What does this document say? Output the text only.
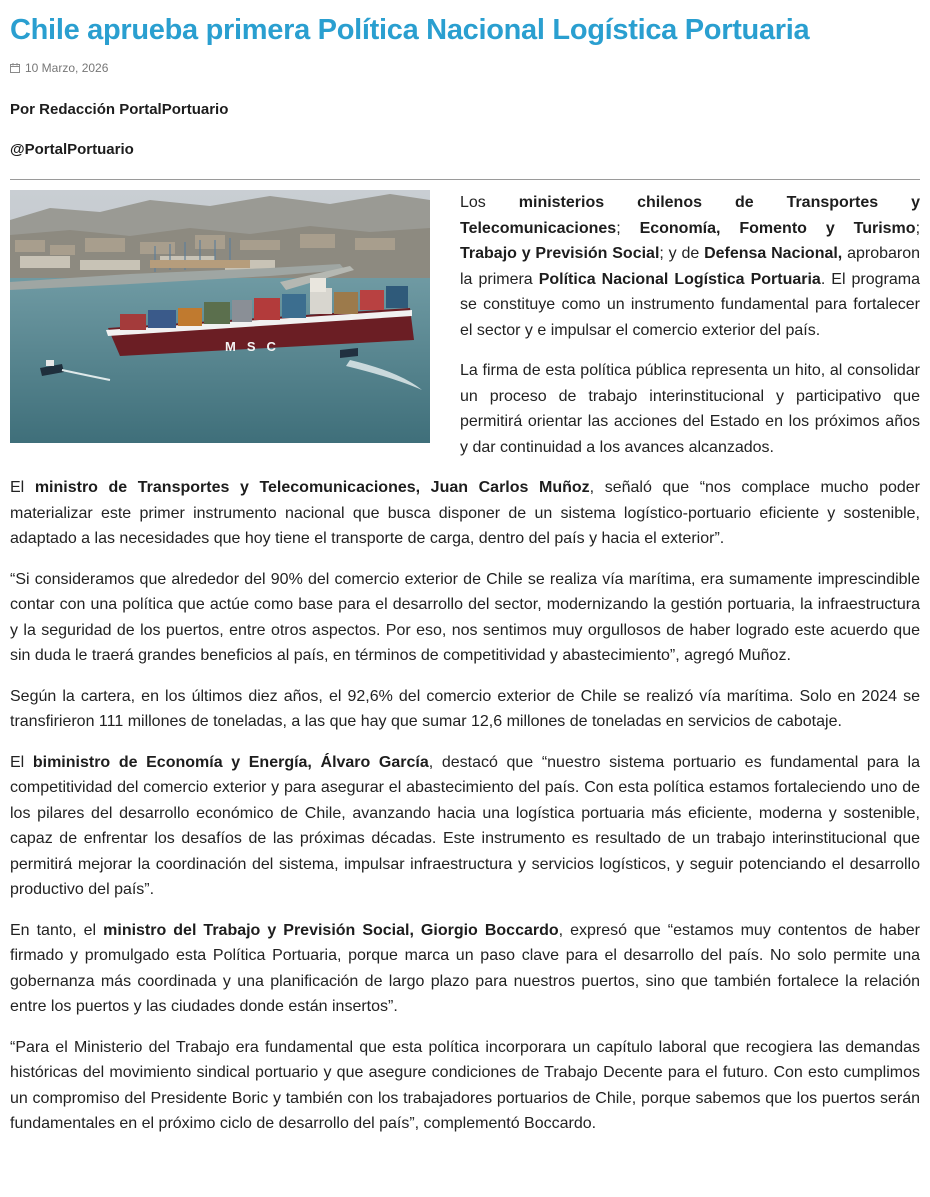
Chile aprueba primera Política Nacional Logística Portuaria
10 Marzo, 2026

Por Redacción PortalPortuario

@PortalPortuario

MSC

Los ministerios chilenos de Transportes y Telecomunicaciones; Economía, Fomento y Turismo; Trabajo y Previsión Social; y de Defensa Nacional, aprobaron la primera Política Nacional Logística Portuaria. El programa se constituye como un instrumento fundamental para fortalecer el sector y e impulsar el comercio exterior del país.

La firma de esta política pública representa un hito, al consolidar un proceso de trabajo interinstitucional y participativo que permitirá orientar las acciones del Estado en los próximos años y dar continuidad a los avances alcanzados.

El ministro de Transportes y Telecomunicaciones, Juan Carlos Muñoz, señaló que “nos complace mucho poder materializar este primer instrumento nacional que busca disponer de un sistema logístico-portuario eficiente y sostenible, adaptado a las necesidades que hoy tiene el transporte de carga, dentro del país y hacia el exterior”.

“Si consideramos que alrededor del 90% del comercio exterior de Chile se realiza vía marítima, era sumamente imprescindible contar con una política que actúe como base para el desarrollo del sector, modernizando la gestión portuaria, la infraestructura y la seguridad de los puertos, entre otros aspectos. Por eso, nos sentimos muy orgullosos de haber logrado este acuerdo que sin duda le traerá grandes beneficios al país, en términos de competitividad y abastecimiento”, agregó Muñoz.

Según la cartera, en los últimos diez años, el 92,6% del comercio exterior de Chile se realizó vía marítima. Solo en 2024 se transfirieron 111 millones de toneladas, a las que hay que sumar 12,6 millones de toneladas en servicios de cabotaje.

El biministro de Economía y Energía, Álvaro García, destacó que “nuestro sistema portuario es fundamental para la competitividad del comercio exterior y para asegurar el abastecimiento del país. Con esta política estamos fortaleciendo uno de los pilares del desarrollo económico de Chile, avanzando hacia una logística portuaria más eficiente, moderna y sostenible, capaz de enfrentar los desafíos de las próximas décadas. Este instrumento es resultado de un trabajo interinstitucional que permitirá mejorar la coordinación del sistema, impulsar infraestructura y servicios logísticos, y seguir potenciando el desarrollo productivo del país”.

En tanto, el ministro del Trabajo y Previsión Social, Giorgio Boccardo, expresó que “estamos muy contentos de haber firmado y promulgado esta Política Portuaria, porque marca un paso clave para el desarrollo del país. No solo permite una gobernanza más coordinada y una planificación de largo plazo para nuestros puertos, sino que también fortalece la relación entre los puertos y las ciudades donde están insertos”.

“Para el Ministerio del Trabajo era fundamental que esta política incorporara un capítulo laboral que recogiera las demandas históricas del movimiento sindical portuario y que asegure condiciones de Trabajo Decente para el futuro. Con esto cumplimos un compromiso del Presidente Boric y también con los trabajadores portuarios de Chile, porque sabemos que los puertos serán fundamentales en el próximo ciclo de desarrollo del país”, complementó Boccardo.
